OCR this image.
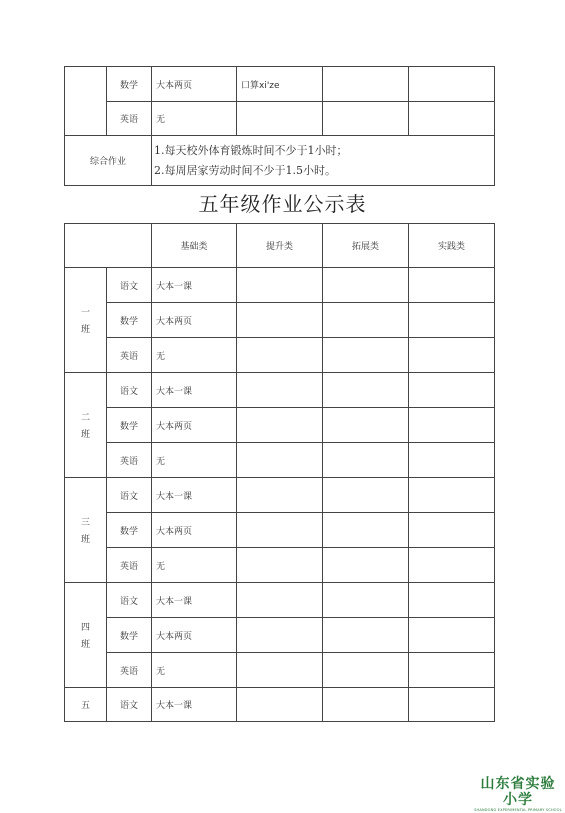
	数学	大本两页	口算xi'ze		
	英语	无			
综合作业		1.每天校外体育锻炼时间不少于1小时；
2.每周居家劳动时间不少于1.5小时。			
五年级作业公示表
		基础类	提升类	拓展类	实践类

一
班	语文	大本一课			
	数学	大本两页			
	英语	无			

二
班	语文	大本一课			
	数学	大本两页			
	英语	无			

三
班	语文	大本一课			
	数学	大本两页			
	英语	无			

四
班	语文	大本一课			
	数学	大本两页			
	英语	无			
五	语文	大本一课			
山东省实验小学
SHANDONG EXPERIMENTAL PRIMARY SCHOOL
